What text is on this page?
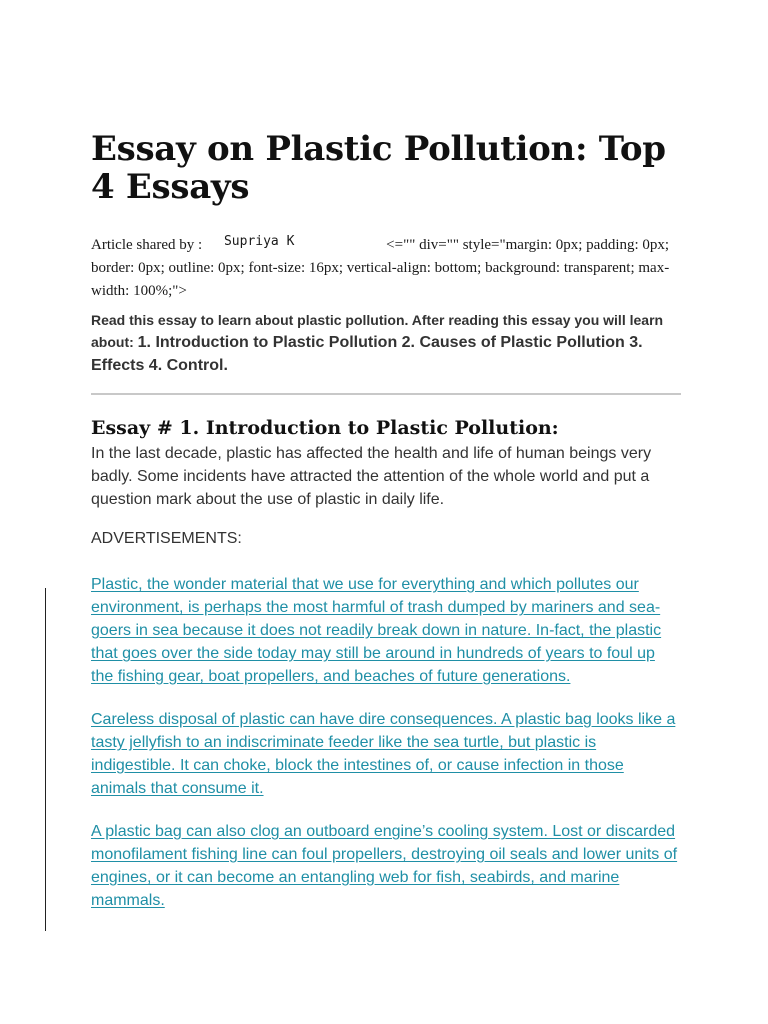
Essay on Plastic Pollution: Top 4 Essays
Article shared by : Supriya K	<="" div="" style="margin: 0px; padding: 0px; border: 0px; outline: 0px; font-size: 16px; vertical-align: bottom; background: transparent; max-width: 100%;">
Read this essay to learn about plastic pollution. After reading this essay you will learn about: 1. Introduction to Plastic Pollution 2. Causes of Plastic Pollution 3. Effects 4. Control.
Essay # 1. Introduction to Plastic Pollution:

In the last decade, plastic has affected the health and life of human beings very badly. Some incidents have attracted the attention of the whole world and put a question mark about the use of plastic in daily life.

ADVERTISEMENTS:

Plastic, the wonder material that we use for everything and which pollutes our environment, is perhaps the most harmful of trash dumped by mariners and sea-goers in sea because it does not readily break down in nature. In-fact, the plastic that goes over the side today may still be around in hundreds of years to foul up the fishing gear, boat propellers, and beaches of future generations.

Careless disposal of plastic can have dire consequences. A plastic bag looks like a tasty jellyfish to an indiscriminate feeder like the sea turtle, but plastic is indigestible. It can choke, block the intestines of, or cause infection in those animals that consume it.

A plastic bag can also clog an outboard engine’s cooling system. Lost or discarded monofilament fishing line can foul propellers, destroying oil seals and lower units of engines, or it can become an entangling web for fish, seabirds, and marine mammals.
